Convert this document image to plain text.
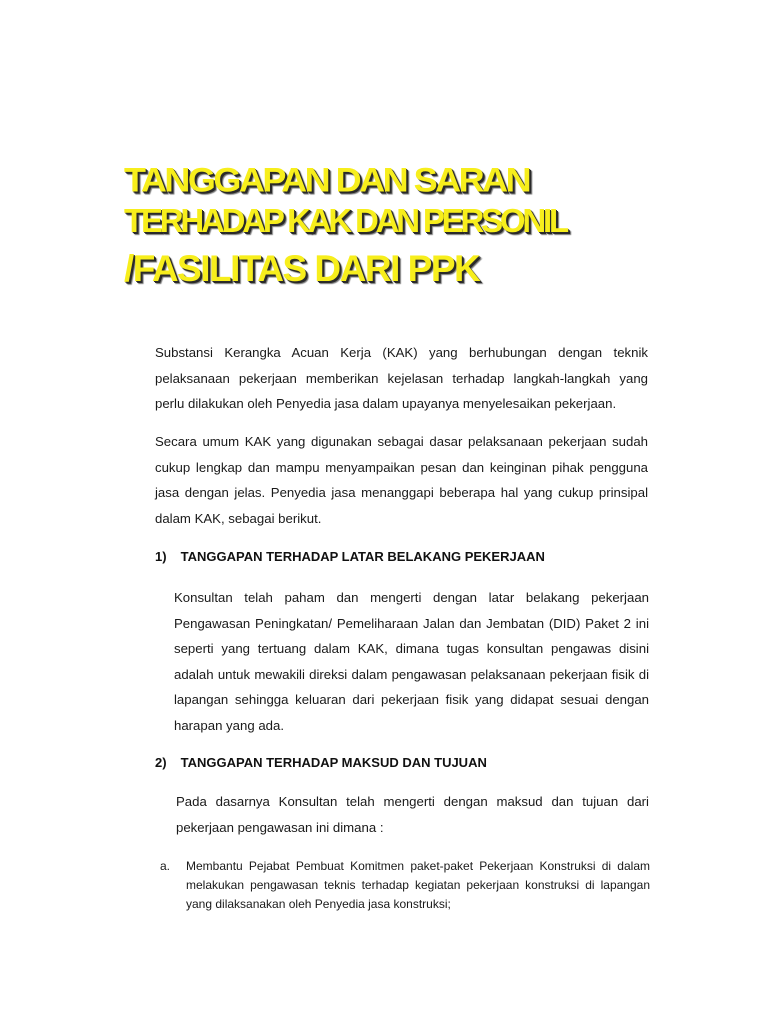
TANGGAPAN DAN SARAN
TERHADAP KAK DAN PERSONIL
/FASILITAS DARI PPK

Substansi Kerangka Acuan Kerja (KAK) yang berhubungan dengan teknik pelaksanaan pekerjaan memberikan kejelasan terhadap langkah-langkah yang perlu dilakukan oleh Penyedia jasa dalam upayanya menyelesaikan pekerjaan.

Secara umum KAK yang digunakan sebagai dasar pelaksanaan pekerjaan sudah cukup lengkap dan mampu menyampaikan pesan dan keinginan pihak pengguna jasa dengan jelas. Penyedia jasa menanggapi beberapa hal yang cukup prinsipal dalam KAK, sebagai berikut.

1) TANGGAPAN TERHADAP LATAR BELAKANG PEKERJAAN

Konsultan telah paham dan mengerti dengan latar belakang pekerjaan Pengawasan Peningkatan/ Pemeliharaan Jalan dan Jembatan (DID) Paket 2 ini seperti yang tertuang dalam KAK, dimana tugas konsultan pengawas disini adalah untuk mewakili direksi dalam pengawasan pelaksanaan pekerjaan fisik di lapangan sehingga keluaran dari pekerjaan fisik yang didapat sesuai dengan harapan yang ada.

2) TANGGAPAN TERHADAP MAKSUD DAN TUJUAN

Pada dasarnya Konsultan telah mengerti dengan maksud dan tujuan dari pekerjaan pengawasan ini dimana :

a. Membantu Pejabat Pembuat Komitmen paket-paket Pekerjaan Konstruksi di dalam melakukan pengawasan teknis terhadap kegiatan pekerjaan konstruksi di lapangan yang dilaksanakan oleh Penyedia jasa konstruksi;
